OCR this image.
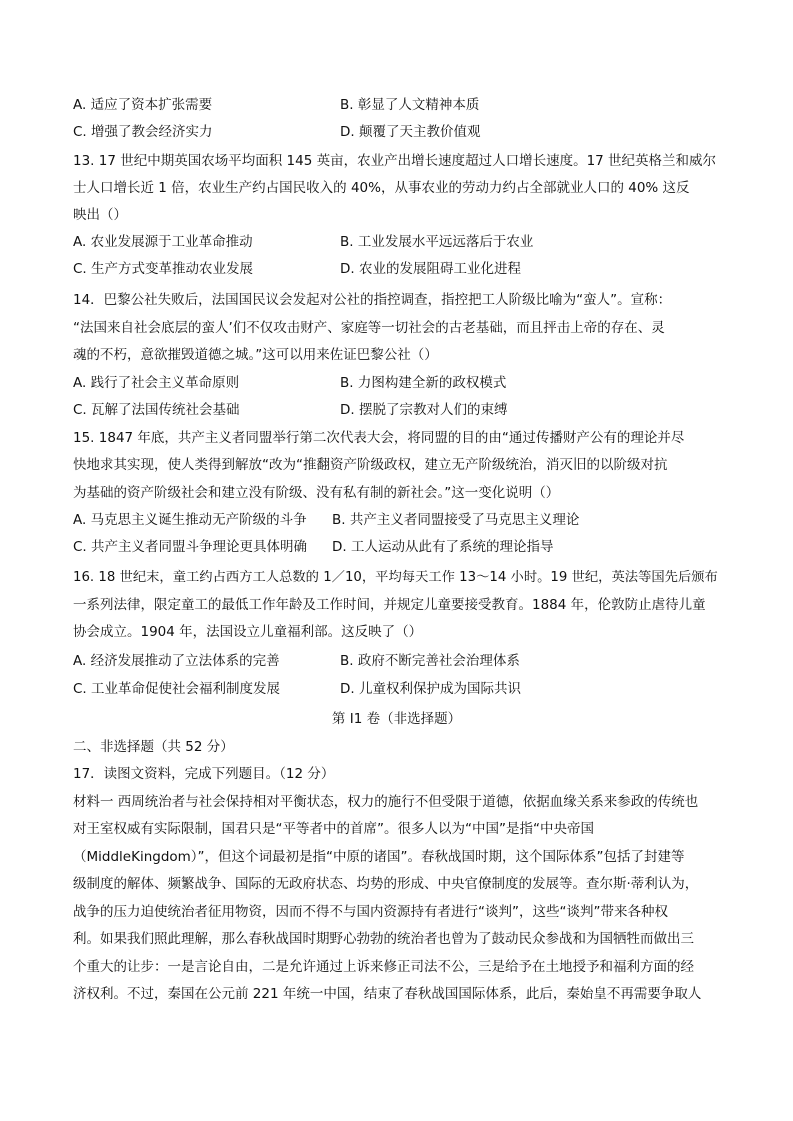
A. 适应了资本扩张需要	B. 彰显了人文精神本质
C. 增强了教会经济实力	D. 颠覆了天主教价值观
13. 17 世纪中期英国农场平均面积 145 英亩，农业产出增长速度超过人口增长速度。17 世纪英格兰和威尔
士人口增长近 1 倍，农业生产约占国民收入的 40%，从事农业的劳动力约占全部就业人口的 40% 这反
映出（）
A. 农业发展源于工业革命推动	B. 工业发展水平远远落后于农业
C. 生产方式变革推动农业发展	D. 农业的发展阻碍工业化进程
14．巴黎公社失败后，法国国民议会发起对公社的指控调查，指控把工人阶级比喻为“蛮人”。宣称：
“法国来自社会底层的蛮人’们不仅攻击财产、家庭等一切社会的古老基础，而且抨击上帝的存在、灵
魂的不朽，意欲摧毁道德之城。”这可以用来佐证巴黎公社（）
A. 践行了社会主义革命原则	B. 力图构建全新的政权模式
C. 瓦解了法国传统社会基础	D. 摆脱了宗教对人们的束缚
15. 1847 年底，共产主义者同盟举行第二次代表大会，将同盟的目的由“通过传播财产公有的理论并尽
快地求其实现，使人类得到解放“改为“推翻资产阶级政权，建立无产阶级统治，消灭旧的以阶级对抗
为基础的资产阶级社会和建立没有阶级、没有私有制的新社会。”这一变化说明（）
A. 马克思主义诞生推动无产阶级的斗争 B. 共产主义者同盟接受了马克思主义理论
C. 共产主义者同盟斗争理论更具体明确 D. 工人运动从此有了系统的理论指导
16. 18 世纪末，童工约占西方工人总数的 1／10，平均每天工作 13～14 小时。19 世纪，英法等国先后颁布
一系列法律，限定童工的最低工作年龄及工作时间，并规定儿童要接受教育。1884 年，伦敦防止虐待儿童
协会成立。1904 年，法国设立儿童福利部。这反映了（）
A. 经济发展推动了立法体系的完善	B. 政府不断完善社会治理体系
C. 工业革命促使社会福利制度发展	D. 儿童权利保护成为国际共识
第 I1 卷（非选择题）
二、非选择题（共 52 分）
17．读图文资料，完成下列题目。（12 分）
材料一 西周统治者与社会保持相对平衡状态，权力的施行不但受限于道德，依据血缘关系来参政的传统也
对王室权威有实际限制，国君只是“平等者中的首席”。很多人以为“中国”是指“中央帝国
（MiddleKingdom）”，但这个词最初是指“中原的诸国”。春秋战国时期，这个国际体系”包括了封建等
级制度的解体、频繁战争、国际的无政府状态、均势的形成、中央官僚制度的发展等。查尔斯·蒂利认为，
战争的压力迫使统治者征用物资，因而不得不与国内资源持有者进行“谈判”，这些“谈判”带来各种权
利。如果我们照此理解，那么春秋战国时期野心勃勃的统治者也曾为了鼓动民众参战和为国牺牲而做出三
个重大的让步：一是言论自由，二是允许通过上诉来修正司法不公，三是给予在土地授予和福利方面的经
济权利。不过，秦国在公元前 221 年统一中国，结束了春秋战国国际体系，此后，秦始皇不再需要争取人
